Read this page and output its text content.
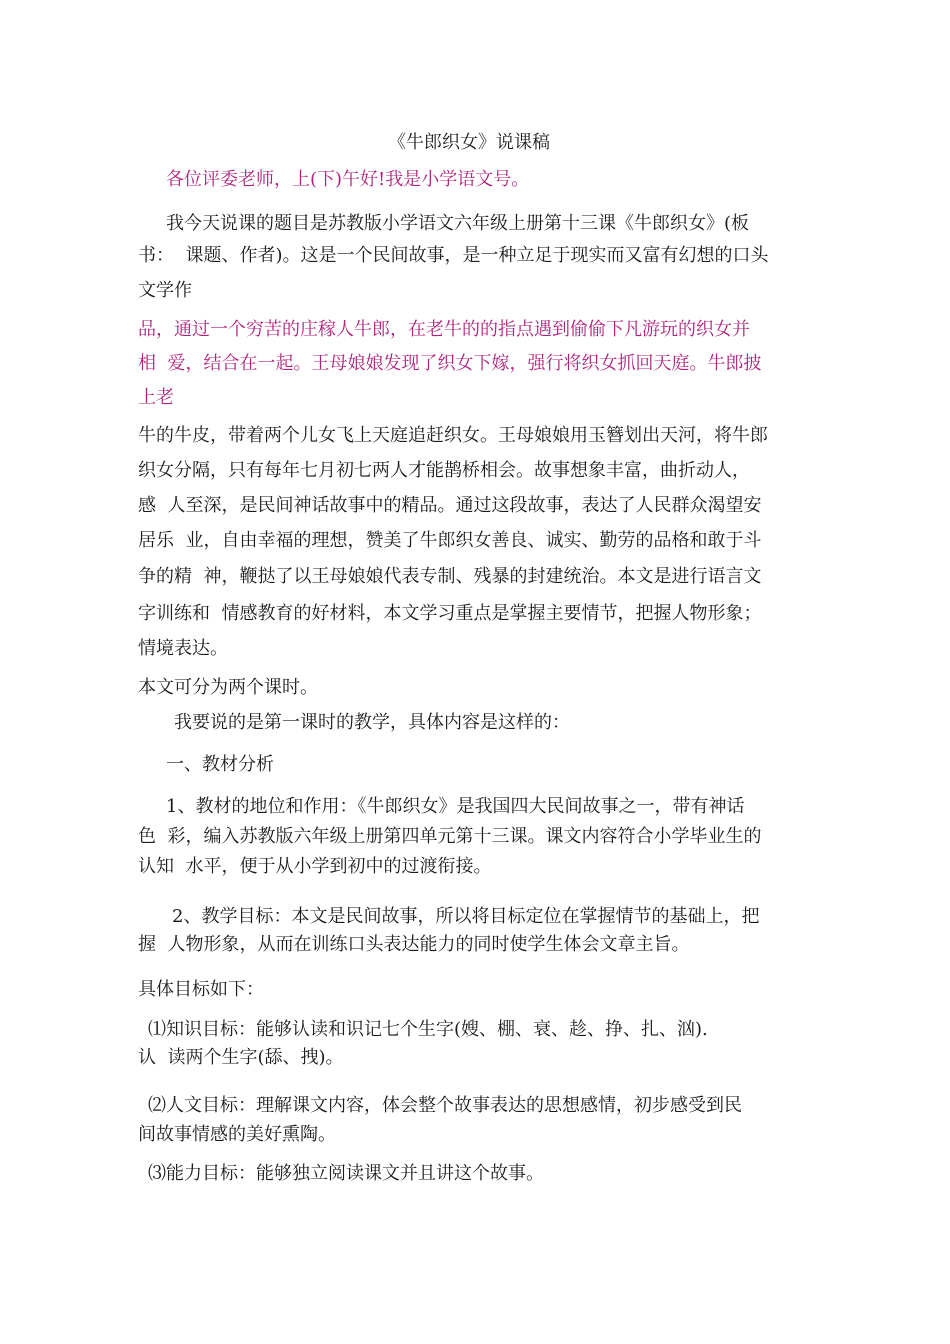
《牛郎织女》说课稿
各位评委老师，上(下)午好!我是小学语文号。
我今天说课的题目是苏教版小学语文六年级上册第十三课《牛郎织女》(板
书：  课题、作者)。这是一个民间故事，是一种立足于现实而又富有幻想的口头
文学作
品，通过一个穷苦的庄稼人牛郎，在老牛的的指点遇到偷偷下凡游玩的织女并
相  爱，结合在一起。王母娘娘发现了织女下嫁，强行将织女抓回天庭。牛郎披
上老
牛的牛皮，带着两个儿女飞上天庭追赶织女。王母娘娘用玉簪划出天河，将牛郎
织女分隔，只有每年七月初七两人才能鹊桥相会。故事想象丰富，曲折动人，
感  人至深，是民间神话故事中的精品。通过这段故事，表达了人民群众渴望安
居乐  业，自由幸福的理想，赞美了牛郎织女善良、诚实、勤劳的品格和敢于斗
争的精  神，鞭挞了以王母娘娘代表专制、残暴的封建统治。本文是进行语言文
字训练和  情感教育的好材料，本文学习重点是掌握主要情节，把握人物形象；
情境表达。
本文可分为两个课时。
我要说的是第一课时的教学，具体内容是这样的：
一、教材分析
1、教材的地位和作用：《牛郎织女》是我国四大民间故事之一，带有神话
色  彩，编入苏教版六年级上册第四单元第十三课。课文内容符合小学毕业生的
认知  水平，便于从小学到初中的过渡衔接。
2、教学目标：本文是民间故事，所以将目标定位在掌握情节的基础上，把
握  人物形象，从而在训练口头表达能力的同时使学生体会文章主旨。
具体目标如下：
⑴知识目标：能够认读和识记七个生字(嫂、棚、衰、趁、挣、扎、汹).
认  读两个生字(舔、拽)。
⑵人文目标：理解课文内容，体会整个故事表达的思想感情，初步感受到民
间故事情感的美好熏陶。
⑶能力目标：能够独立阅读课文并且讲这个故事。
